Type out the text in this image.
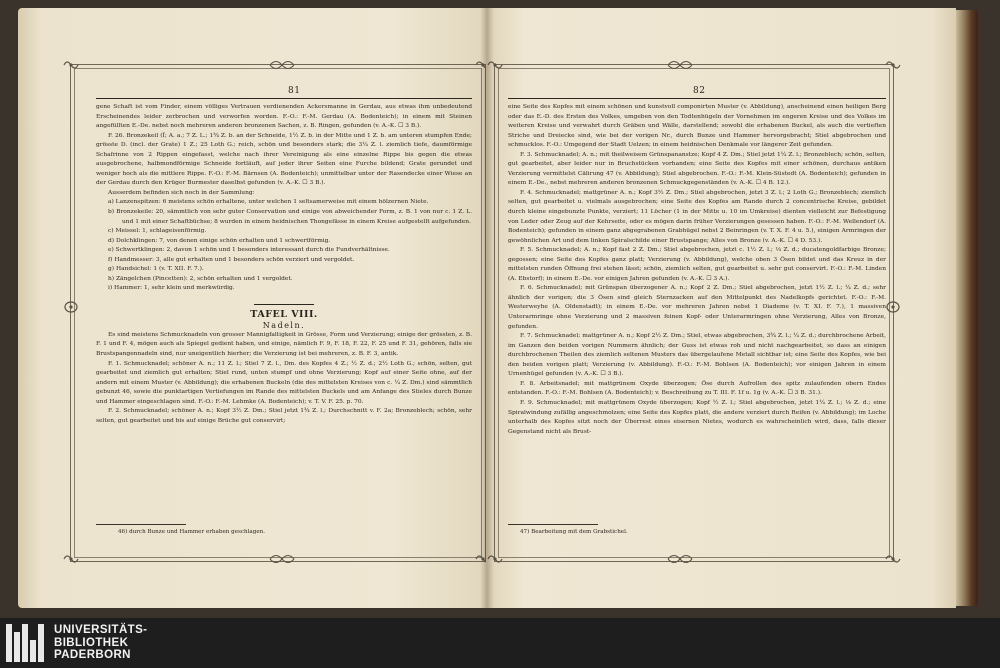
81

gene Schaft ist vom Finder, einem völliges Vertrauen verdienenden Ackersmanne in Gerdau, aus etwas ihm unbedeutend Erscheinendes leider zerbrochen und verworfen worden. F.-O.: F.-M. Gerdau (A. Bodenteich); in einem mit Steinen angefüllten E.-De. nebst noch mehreren anderen bronzenen Sachen, z. B. Ringen, gefunden (v. A.-K. ☐ 3 B.).

F. 26. Bronzekeil (Ï; A. a.; 7 Z. L.; 1¾ Z. b. an der Schneide, 1½ Z. b. in der Mitte und 1 Z. b. am unteren stumpfen Ende; grösste D. (incl. der Grate) 1 Z.; 25 Loth G.; reich, schön und besonders stark; die 3¼ Z. l. ziemlich tiefe, daumförmige Schafrinne von 2 Rippen eingefasst, welche nach ihrer Vereinigung als eine einzelne Rippe bis gegen die etwas ausgebrochene, halbmondförmige Schneide fortläuft, auf jeder ihrer Seiten eine Furche bildend; Grate gerundet und weniger hoch als die mittlere Rippe. F.-O.: F.-M. Bärnsen (A. Bodenteich); unmittelbar unter der Rasendecke einer Wiese an der Gerdau durch den Krüger Burmester daselbst gefunden (v. A.-K. ☐ 3 B.).

Ausserdem befinden sich noch in der Sammlung:

a) Lanzenspitzen: 6 meistens schön erhaltene, unter welchen 1 seltsamerweise mit einem hölzernen Niete.

b) Bronzekeile: 20, sämmtlich von sehr guter Conservation und einige von abweichender Form, z. B. 1 von nur c. 1 Z. L. und 1 mit einer Schaftbüchse; 8 wurden in einem heidnischen Thongefässe in einem Kreise aufgestellt aufgefunden.

c) Meissel: 1, schlageisenförmig.

d) Dolchklingen: 7, von denen einige schön erhalten und 1 schwertförmig.

e) Schwertklingen: 2, davon 1 schön und 1 besonders interessant durch die Fundverhältnisse.

f) Handmesser: 3, alle gut erhalten und 1 besonders schön verziert und vergoldet.

g) Handsichel: 1 (v. T. XII. F. 7.).

h) Zängelchen (Pincetten): 2, schön erhalten und 1 vergoldet.

i) Hammer: 1, sehr klein und merkwürdig.

TAFEL VIII.

Nadeln.

Es sind meistens Schmucknadeln von grosser Mannigfaltigkeit in Grösse, Form und Verzierung; einige der grössten, z. B. F. 1 und F. 4, mögen auch als Spiegel gedient haben, und einige, nämlich F. 9, F. 18, F. 22, F. 25 und F. 31, gehören, falls sie Brustspangennadeln sind, nur uneigentlich hierher; die Verzierung ist bei mehreren, z. B. F. 3, antik.

F. 1. Schmucknadel; schöner A. n.; 11 Z. l.; Stiel 7 Z. l., Dm. des Kopfes 4 Z.; ½ Z. d.; 2½ Loth G.; schön, selten, gut gearbeitet und ziemlich gut erhalten; Stiel rund, unten stumpf und ohne Verzierung; Kopf auf einer Seite ohne, auf der andern mit einem Muster (v. Abbildung); die erhabenen Buckeln (die des mittelsten Kreises von c. ¼ Z. Dm.) sind sämmtlich gebunzt 46, sowie die punktartigen Vertiefungen im Rande des mittelsten Buckels und am Anfange des Stieles durch Bunze und Hammer eingeschlagen sind. F.-O.: F.-M. Lehmke (A. Bodenteich); v. T. V. F. 25. p. 70.

F. 2. Schmucknadel; schöner A. n.; Kopf 3½ Z. Dm.; Stiel jetzt 1¾ Z. l.; Durchschnitt v. F. 2a; Bronzeblech; schön, sehr selten, gut gearbeitet und bis auf einige Brüche gut conservirt;

46) durch Bunze und Hammer erhaben geschlagen.
82

eine Seite des Kopfes mit einem schönen und kunstvoll componirten Muster (v. Abbildung), anscheinend einen heiligen Berg oder das E.-D. des Ersten des Volkes, umgeben von den Todtenhügeln der Vornehmen im engeren Kreise und des Volkes im weiteren Kreise und verwahrt durch Gräben und Wälle, darstellend; sowohl die erhabenen Buckel, als auch die vertieften Striche und Dreiecke sind, wie bei der vorigen Nr., durch Bunze und Hammer hervorgebracht; Stiel abgebrochen und schmucklos. F.-O.: Umgegend der Stadt Uelzen; in einem heidnischen Denkmale vor längerer Zeit gefunden.

F. 3. Schmucknadel; A. n.; mit theilweisem Grünspananstze; Kopf 4 Z. Dm.; Stiel jetzt 1¼ Z. l.; Bronzeblech; schön, selten, gut gearbeitet, aber leider nur in Bruchstücken vorhanden; eine Seite des Kopfes mit einer schönen, durchaus antiken Verzierung vermittelst Cälirung 47 (v. Abbildung); Stiel abgebrochen. F.-O.: F.-M. Klein-Süstedt (A. Bodenteich); gefunden in einem E.-De., nebst mehreren anderen bronzenen Schmuckgegenständen (v. A.-K. ☐ 4 B. 12.).

F. 4. Schmucknadel; mattgrüner A. n.; Kopf 3½ Z. Dm.; Stiel abgebrochen, jetzt 3 Z. l.; 2 Loth G.; Bronzeblech; ziemlich selten, gut gearbeitet u. vielmals ausgebrochen; eine Seite des Kopfes am Rande durch 2 concentrische Kreise, gebildet durch kleine eingebunzte Punkte, verziert; 11 Löcher (1 in der Mitte u. 10 im Umkreise) dienten vielleicht zur Befestigung von Leder oder Zeug auf der Kehrseite, oder es mögen darin früher Verzierungen gesessen haben. F.-O.: F.-M. Wellendorf (A. Bodenteich); gefunden in einem ganz abgegrabenen Grabhügel nebst 2 Beinringen (v. T. X. F. 4 u. 5.), einigen Armringen der gewöhnlichen Art und dem linken Spiralschilde einer Brustspange; Alles von Bronze (v. A.-K. ☐ 4 D. 53.).

F. 5. Schmucknadel; A. n.; Kopf fast 2 Z. Dm.; Stiel abgebrochen, jetzt c. 1½ Z. l.; ⅓ Z. d.; ducatengoldfarbige Bronze; gegossen; eine Seite des Kopfes ganz platt; Verzierung (v. Abbildung), welche oben 3 Ösen bildet und das Kreuz in der mittelsten runden Öffnung frei stehen lässt; schön, ziemlich selten, gut gearbeitet u. sehr gut conservirt. F.-O.: F.-M. Linden (A. Ebstorf); in einem E.-De. vor einigen Jahren gefunden (v. A.-K. ☐ 3 A.).

F. 6. Schmucknadel; mit Grünspan überzogener A. n.; Kopf 2 Z. Dm.; Stiel abgebrochen, jetzt 1½ Z. l.; ¼ Z. d.; sehr ähnlich der vorigen; die 3 Ösen sind gleich Sternzacken auf den Mittelpunkt des Nadelkopfs gerichtet. F.-O.: F.-M. Westerweyhe (A. Oldenstadt); in einem E.-De. vor mehreren Jahren nebst 1 Diademe (v. T. XI. F. 7.), 1 massiven Unterarmringe ohne Verzierung und 2 massiven feinen Kopf- oder Unterarmringen ohne Verzierung, Alles von Bronze, gefunden.

F. 7. Schmucknadel; mattgrüner A. n.; Kopf 2½ Z. Dm.; Stiel, etwas abgebrochen, 3¾ Z. l.; ¼ Z. d.; durchbrochene Arbeit, im Ganzen den beiden vorigen Nummern ähnlich; der Guss ist etwas roh und nicht nachgearbeitet, so dass an einigen durchbrochenen Theilen des ziemlich seltenen Musters das übergelaufene Metall sichtbar ist; eine Seite des Kopfes, wie bei den beiden vorigen platt; Verzierung (v. Abbildung). F.-O.: F.-M. Bohlsen (A. Bodenteich); vor einigen Jahren in einem Urnenhügel gefunden (v. A.-K. ☐ 3 B.).

F. 8. Arbeitsnadel; mit mattgrünem Oxyde überzogen; Öse durch Aufrollen des spitz zulaufenden obern Endes entstanden. F.-O.: F.-M. Bohlsen (A. Bodenteich); v. Beschreibung zu T. III. F. 1f u. 1g (v. A.-K. ☐ 3 B. 31.).

F. 9. Schmucknadel; mit mattgrünem Oxyde überzogen; Kopf ½ Z. l.; Stiel abgebrochen, jetzt 1¼ Z. l.; ⅛ Z. d.; eine Spiralwindung zufällig angeschmolzen; eine Seite des Kopfes platt, die andere verziert durch Reifen (v. Abbildung); im Loche unterhalb des Kopfes sitzt noch der Überrest eines eisernen Nietes, wodurch es wahrscheinlich wird, dass, falls dieser Gegenstand nicht als Brust-

47) Bearbeitung mit dem Grabstichel.
UNIVERSITÄTS-
BIBLIOTHEK
PADERBORN
